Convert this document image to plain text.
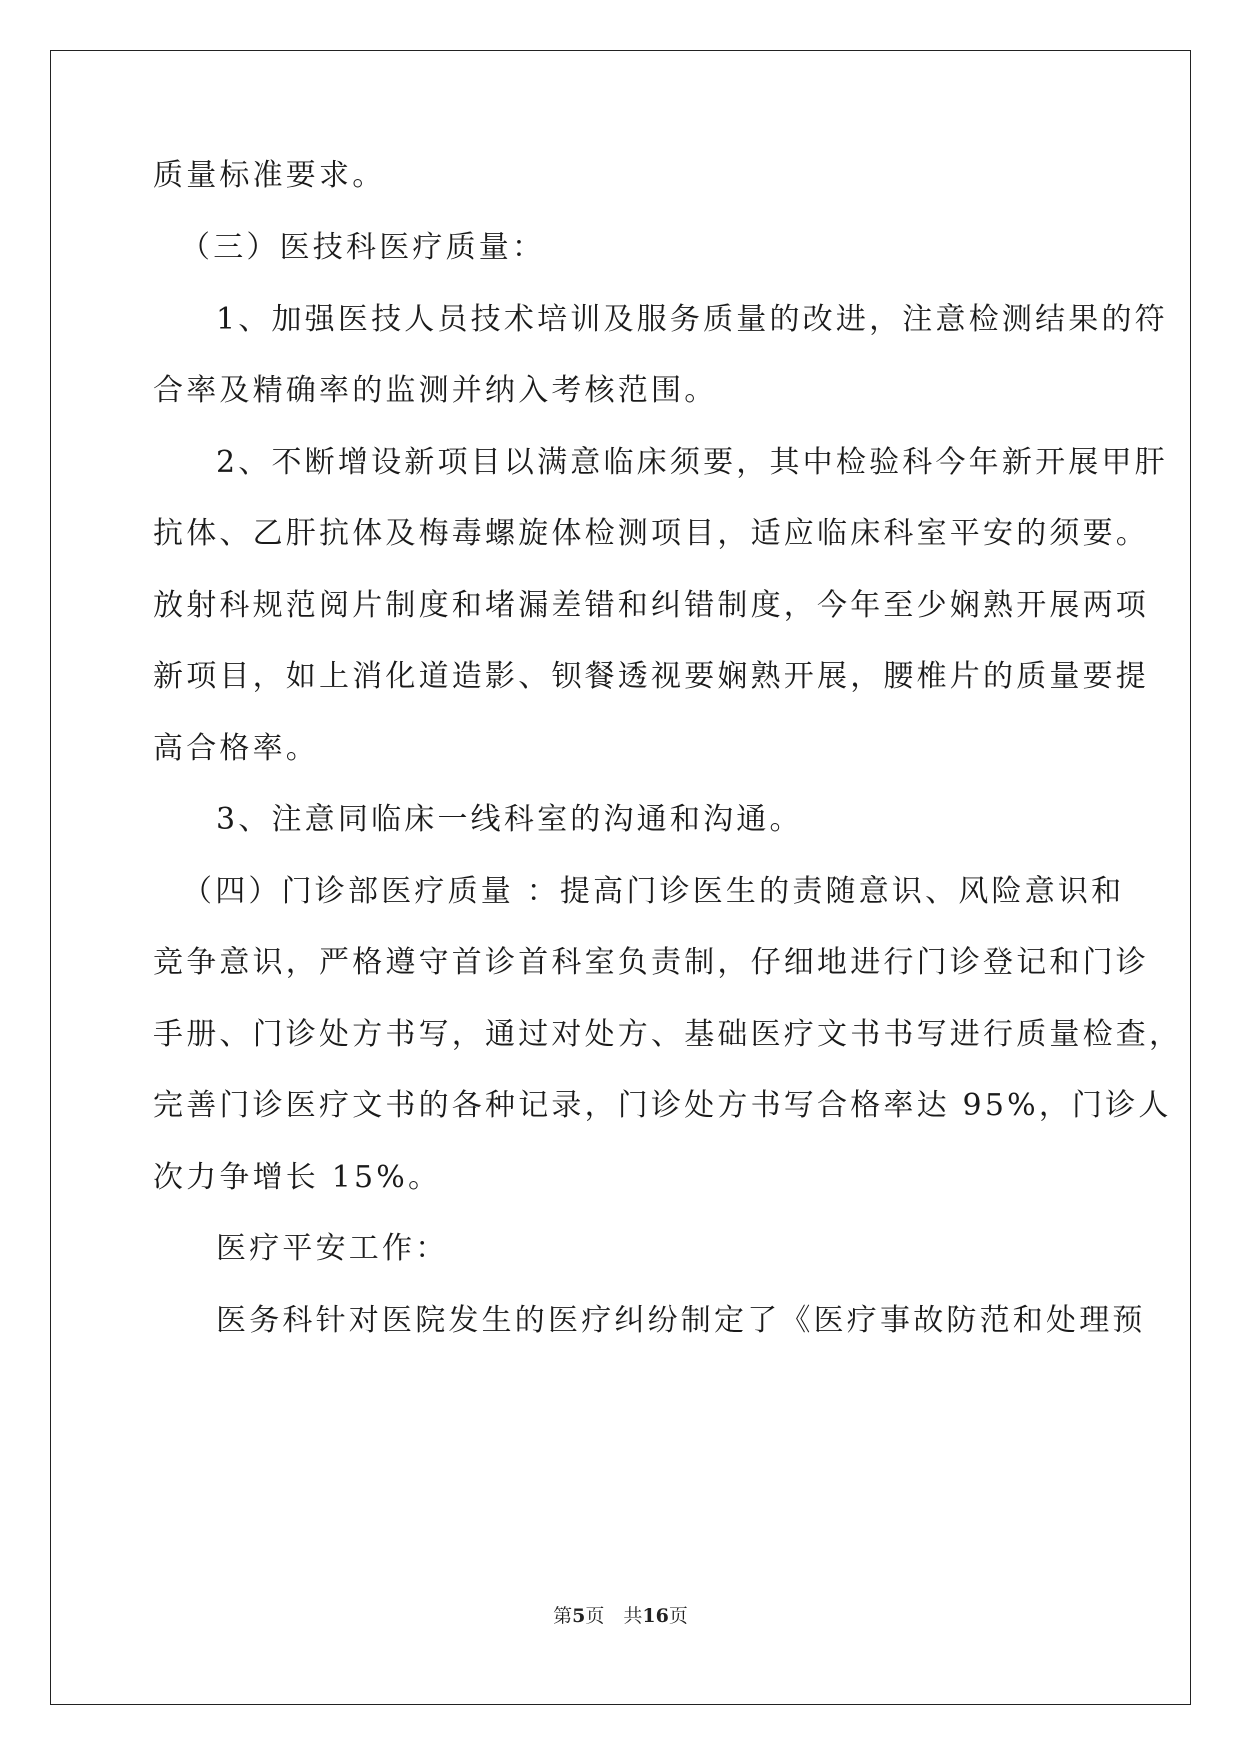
质量标准要求。
（三）医技科医疗质量：
1、加强医技人员技术培训及服务质量的改进，注意检测结果的符
合率及精确率的监测并纳入考核范围。
2、不断增设新项目以满意临床须要，其中检验科今年新开展甲肝
抗体、乙肝抗体及梅毒螺旋体检测项目，适应临床科室平安的须要。
放射科规范阅片制度和堵漏差错和纠错制度，今年至少娴熟开展两项
新项目，如上消化道造影、钡餐透视要娴熟开展，腰椎片的质量要提
高合格率。
3、注意同临床一线科室的沟通和沟通。
（四）门诊部医疗质量 ：提高门诊医生的责随意识、风险意识和
竞争意识，严格遵守首诊首科室负责制，仔细地进行门诊登记和门诊
手册、门诊处方书写，通过对处方、基础医疗文书书写进行质量检查，
完善门诊医疗文书的各种记录，门诊处方书写合格率达 95%，门诊人
次力争增长 15%。
医疗平安工作：
医务科针对医院发生的医疗纠纷制定了《医疗事故防范和处理预
第5页　共16页
